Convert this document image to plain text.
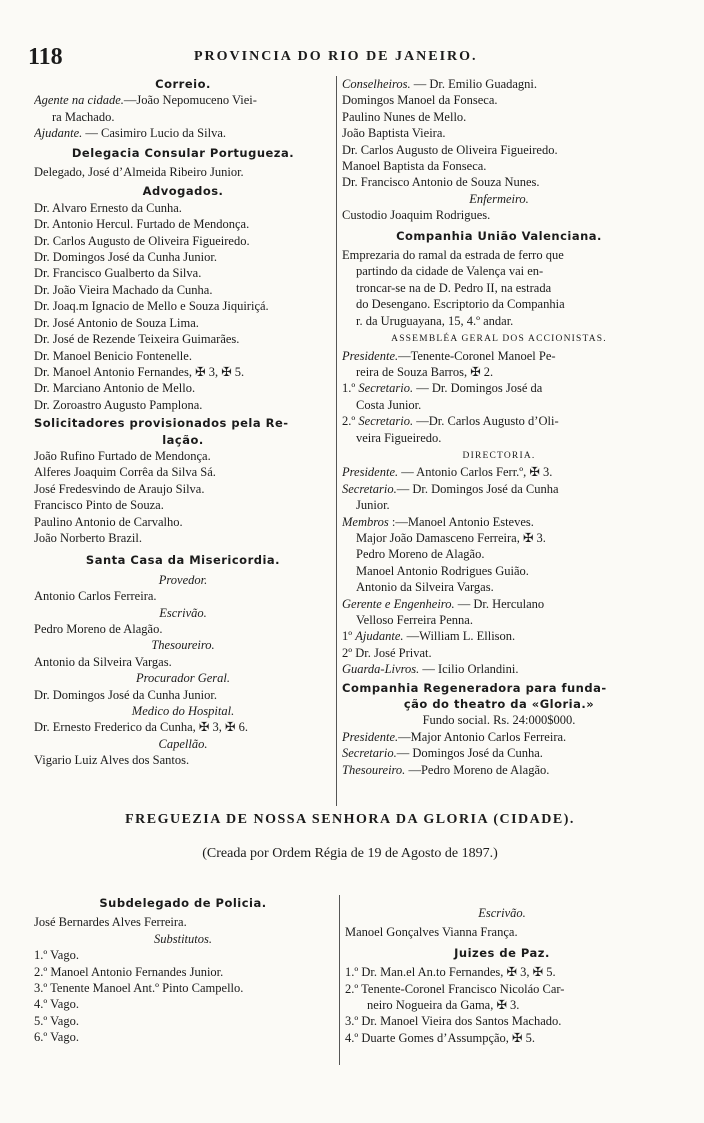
118	PROVINCIA DO RIO DE JANEIRO.
Correio.
Agente na cidade.—João Nepomuceno Viei-
ra Machado.
Ajudante. — Casimiro Lucio da Silva.
Delegacia Consular Portugueza.
Delegado, José d’Almeida Ribeiro Junior.
Advogados.
Dr. Alvaro Ernesto da Cunha.
Dr. Antonio Hercul. Furtado de Mendonça.
Dr. Carlos Augusto de Oliveira Figueiredo.
Dr. Domingos José da Cunha Junior.
Dr. Francisco Gualberto da Silva.
Dr. João Vieira Machado da Cunha.
Dr. Joaq.m Ignacio de Mello e Souza Jiquiriçá.
Dr. José Antonio de Souza Lima.
Dr. José de Rezende Teixeira Guimarães.
Dr. Manoel Benicio Fontenelle.
Dr. Manoel Antonio Fernandes, ✠ 3, ✠ 5.
Dr. Marciano Antonio de Mello.
Dr. Zoroastro Augusto Pamplona.
Solicitadores provisionados pela Re-
lação.
João Rufino Furtado de Mendonça.
Alferes Joaquim Corrêa da Silva Sá.
José Fredesvindo de Araujo Silva.
Francisco Pinto de Souza.
Paulino Antonio de Carvalho.
João Norberto Brazil.
Santa Casa da Misericordia.
Provedor.
Antonio Carlos Ferreira.
Escrivão.
Pedro Moreno de Alagão.
Thesoureiro.
Antonio da Silveira Vargas.
Procurador Geral.
Dr. Domingos José da Cunha Junior.
Medico do Hospital.
Dr. Ernesto Frederico da Cunha, ✠ 3, ✠ 6.
Capellão.
Vigario Luiz Alves dos Santos.
Conselheiros. — Dr. Emilio Guadagni.
Domingos Manoel da Fonseca.
Paulino Nunes de Mello.
João Baptista Vieira.
Dr. Carlos Augusto de Oliveira Figueiredo.
Manoel Baptista da Fonseca.
Dr. Francisco Antonio de Souza Nunes.
Enfermeiro.
Custodio Joaquim Rodrigues.
Companhia União Valenciana.
Emprezaria do ramal da estrada de ferro que
partindo da cidade de Valença vai en-
troncar-se na de D. Pedro II, na estrada
do Desengano. Escriptorio da Companhia
r. da Uruguayana, 15, 4.º andar.
ASSEMBLÉA GERAL DOS ACCIONISTAS.
Presidente.—Tenente-Coronel Manoel Pe-
reira de Souza Barros, ✠ 2.
1.º Secretario. — Dr. Domingos José da
Costa Junior.
2.º Secretario. —Dr. Carlos Augusto d’Oli-
veira Figueiredo.
DIRECTORIA.
Presidente. — Antonio Carlos Ferr.º, ✠ 3.
Secretario.— Dr. Domingos José da Cunha
Junior.
Membros :—Manoel Antonio Esteves.
Major João Damasceno Ferreira, ✠ 3.
Pedro Moreno de Alagão.
Manoel Antonio Rodrigues Guião.
Antonio da Silveira Vargas.
Gerente e Engenheiro. — Dr. Herculano
Velloso Ferreira Penna.
1º Ajudante. —William L. Ellison.
2º Dr. José Privat.
Guarda-Livros. — Icilio Orlandini.
Companhia Regeneradora para funda-
ção do theatro da «Gloria.»
Fundo social. Rs. 24:000$000.
Presidente.—Major Antonio Carlos Ferreira.
Secretario.— Domingos José da Cunha.
Thesoureiro. —Pedro Moreno de Alagão.
FREGUEZIA DE NOSSA SENHORA DA GLORIA (CIDADE).
(Creada por Ordem Régia de 19 de Agosto de 1897.)
Subdelegado de Policia.
José Bernardes Alves Ferreira.
Substitutos.
1.º Vago.
2.º Manoel Antonio Fernandes Junior.
3.º Tenente Manoel Ant.º Pinto Campello.
4.º Vago.
5.º Vago.
6.º Vago.
Escrivão.
Manoel Gonçalves Vianna França.
Juizes de Paz.
1.º Dr. Man.el An.to Fernandes, ✠ 3, ✠ 5.
2.º Tenente-Coronel Francisco Nicoláo Car-
neiro Nogueira da Gama, ✠ 3.
3.º Dr. Manoel Vieira dos Santos Machado.
4.º Duarte Gomes d’Assumpção, ✠ 5.
